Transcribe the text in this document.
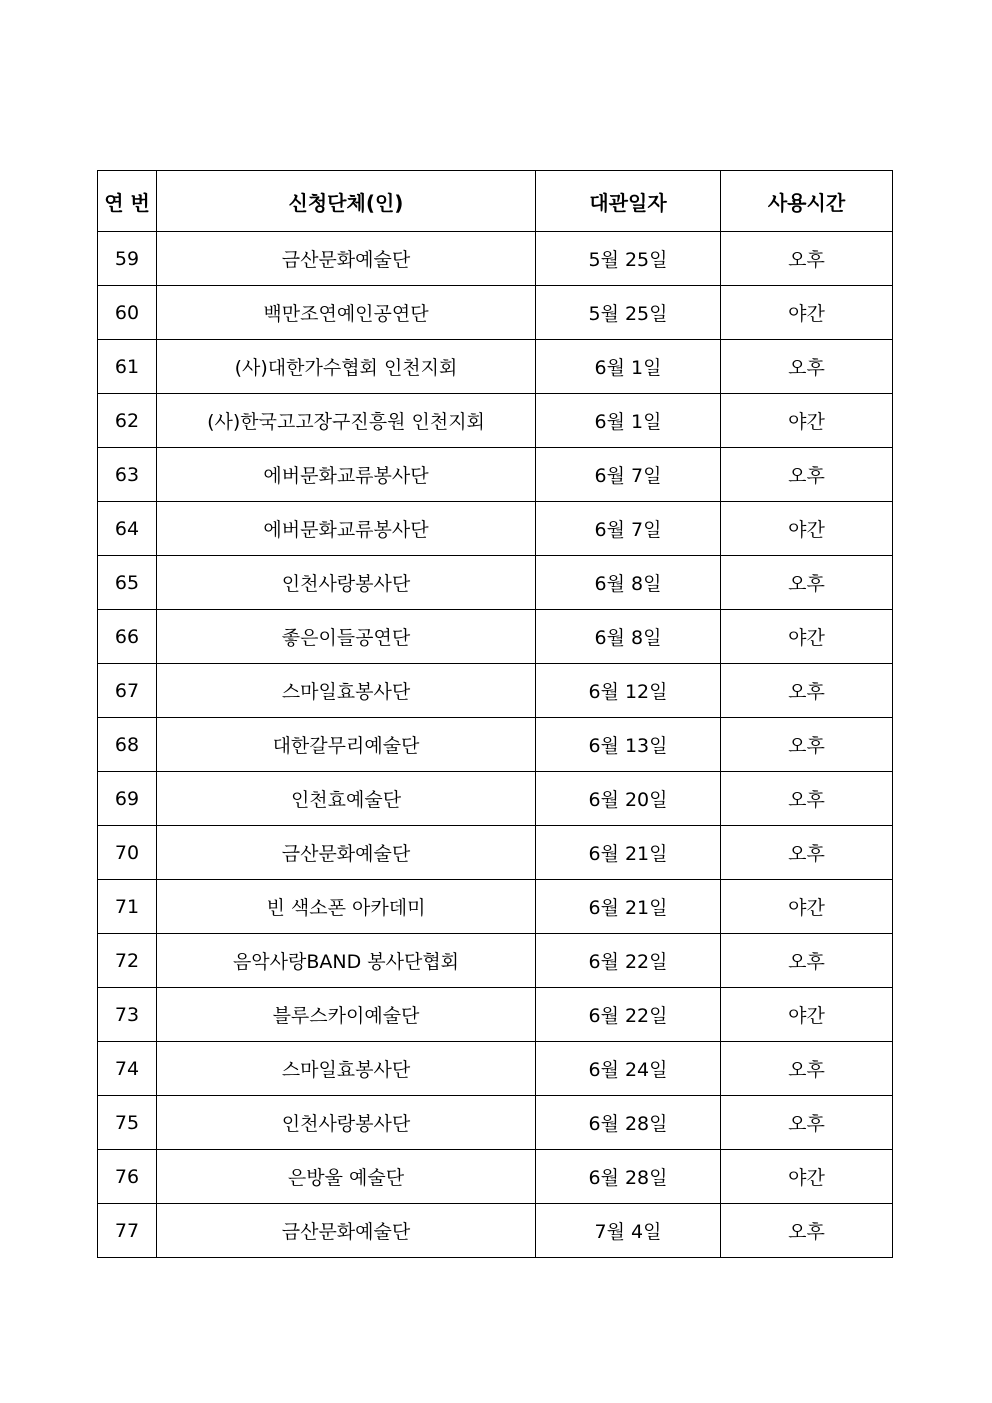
연 번	신청단체(인)	대관일자	사용시간
59	금산문화예술단	5월 25일	오후
60	백만조연예인공연단	5월 25일	야간
61	(사)대한가수협회 인천지회	6월 1일	오후
62	(사)한국고고장구진흥원 인천지회	6월 1일	야간
63	에버문화교류봉사단	6월 7일	오후
64	에버문화교류봉사단	6월 7일	야간
65	인천사랑봉사단	6월 8일	오후
66	좋은이들공연단	6월 8일	야간
67	스마일효봉사단	6월 12일	오후
68	대한갈무리예술단	6월 13일	오후
69	인천효예술단	6월 20일	오후
70	금산문화예술단	6월 21일	오후
71	빈 색소폰 아카데미	6월 21일	야간
72	음악사랑BAND 봉사단협회	6월 22일	오후
73	블루스카이예술단	6월 22일	야간
74	스마일효봉사단	6월 24일	오후
75	인천사랑봉사단	6월 28일	오후
76	은방울 예술단	6월 28일	야간
77	금산문화예술단	7월 4일	오후
